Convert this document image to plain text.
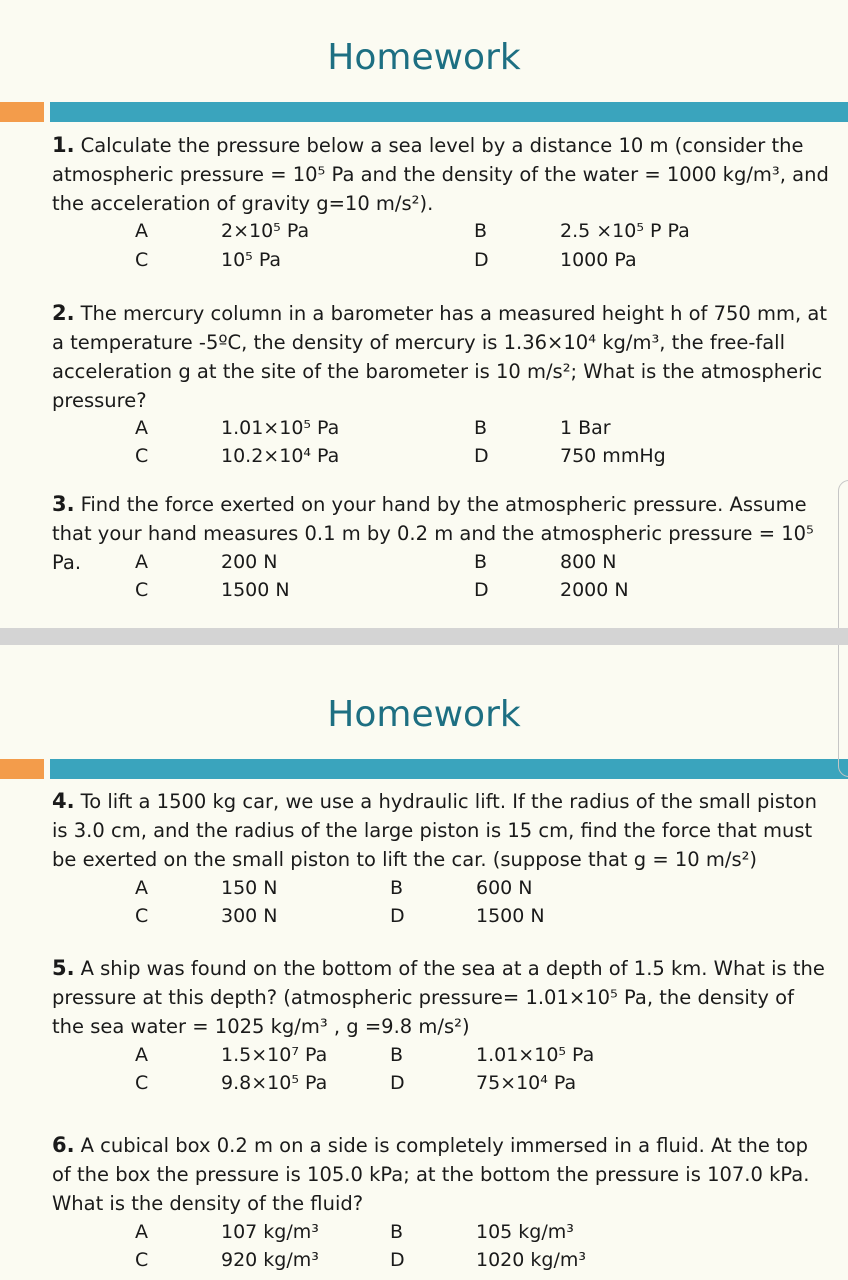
Homework
1. Calculate the pressure below a sea level by a distance 10 m (consider the atmospheric pressure = 10⁵ Pa and the density of the water = 1000 kg/m³, and the acceleration of gravity g=10 m/s²).
A	2×10⁵ Pa	B	2.5 ×10⁵ P Pa
C	10⁵ Pa	D	1000 Pa
2. The mercury column in a barometer has a measured height h of 750 mm, at a temperature -5ºC, the density of mercury is 1.36×10⁴ kg/m³, the free-fall acceleration g at the site of the barometer is 10 m/s²; What is the atmospheric pressure?
A	1.01×10⁵ Pa	B	1 Bar
C	10.2×10⁴ Pa	D	750 mmHg
3. Find the force exerted on your hand by the atmospheric pressure. Assume that your hand measures 0.1 m by 0.2 m and the atmospheric pressure = 10⁵ Pa.	A	200 N	B	800 N
C	1500 N	D	2000 N
Homework
4. To lift a 1500 kg car, we use a hydraulic lift. If the radius of the small piston is 3.0 cm, and the radius of the large piston is 15 cm, find the force that must be exerted on the small piston to lift the car. (suppose that g = 10 m/s²)
A	150 N	B	600 N
C	300 N	D	1500 N
5. A ship was found on the bottom of the sea at a depth of 1.5 km. What is the pressure at this depth? (atmospheric pressure= 1.01×10⁵ Pa, the density of the sea water = 1025 kg/m³ , g =9.8 m/s²)
A	1.5×10⁷ Pa	B	1.01×10⁵ Pa
C	9.8×10⁵ Pa	D	75×10⁴ Pa
6. A cubical box 0.2 m on a side is completely immersed in a fluid. At the top of the box the pressure is 105.0 kPa; at the bottom the pressure is 107.0 kPa. What is the density of the fluid?
A	107 kg/m³	B	105 kg/m³
C	920 kg/m³	D	1020 kg/m³
